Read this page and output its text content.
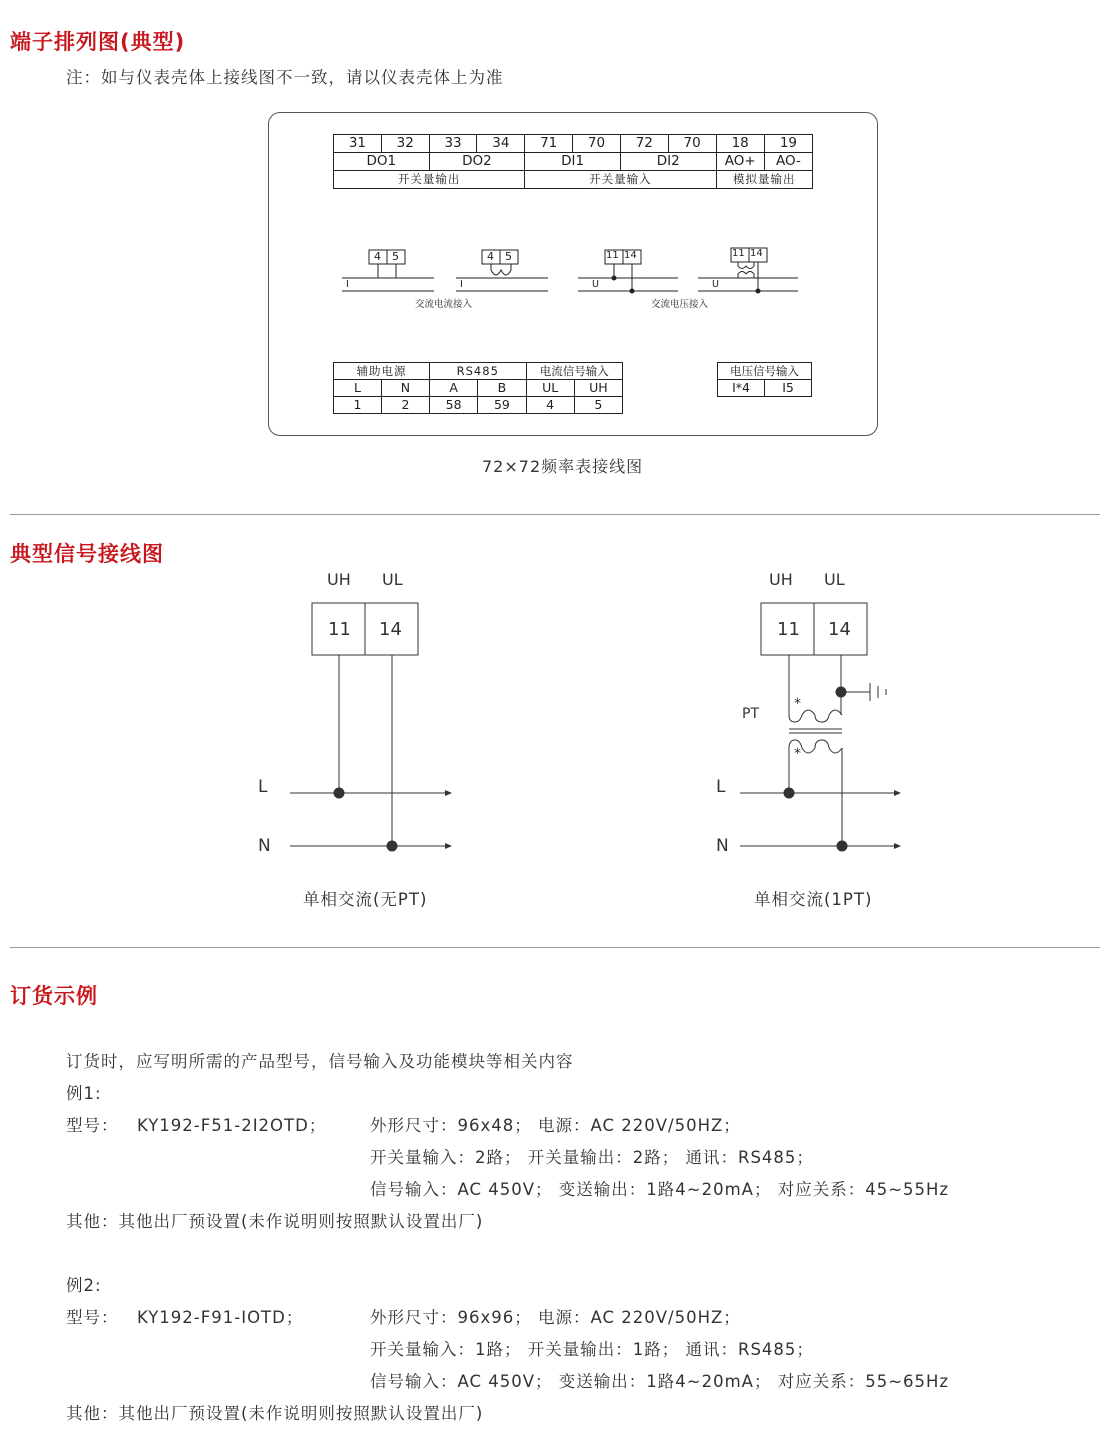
端子排列图(典型)
注：如与仪表壳体上接线图不一致，请以仪表壳体上为准
31	32	33	34	71	70	72	70	18	19
DO1		DO2		DI1		DI2		AO+	AO-
开关量输出				开关量输入				模拟量输出	
4 5	4 5	11 14	11 14
I	I	U	U
交流电流接入	交流电压接入
辅助电源		RS485		电流信号输入	
L	N	A	B	UL	UH
1	2	58	59	4	5
电压信号输入
I*4	I5
72×72频率表接线图
典型信号接线图
UH UL
11 14
L
N
单相交流(无PT)
UH UL
11 14
PT
*
*
L
N
单相交流(1PT)
订货示例
订货时，应写明所需的产品型号，信号输入及功能模块等相关内容
例1:
型号： KY192-F51-2I2OTD；	外形尺寸：96x48； 电源：AC 220V/50HZ；
开关量输入：2路； 开关量输出：2路； 通讯：RS485；
信号输入：AC 450V； 变送输出：1路4~20mA； 对应关系：45~55Hz
其他：其他出厂预设置(未作说明则按照默认设置出厂)
例2:
型号： KY192-F91-IOTD；	外形尺寸：96x96； 电源：AC 220V/50HZ；
开关量输入：1路； 开关量输出：1路； 通讯：RS485；
信号输入：AC 450V； 变送输出：1路4~20mA； 对应关系：55~65Hz
其他：其他出厂预设置(未作说明则按照默认设置出厂)
